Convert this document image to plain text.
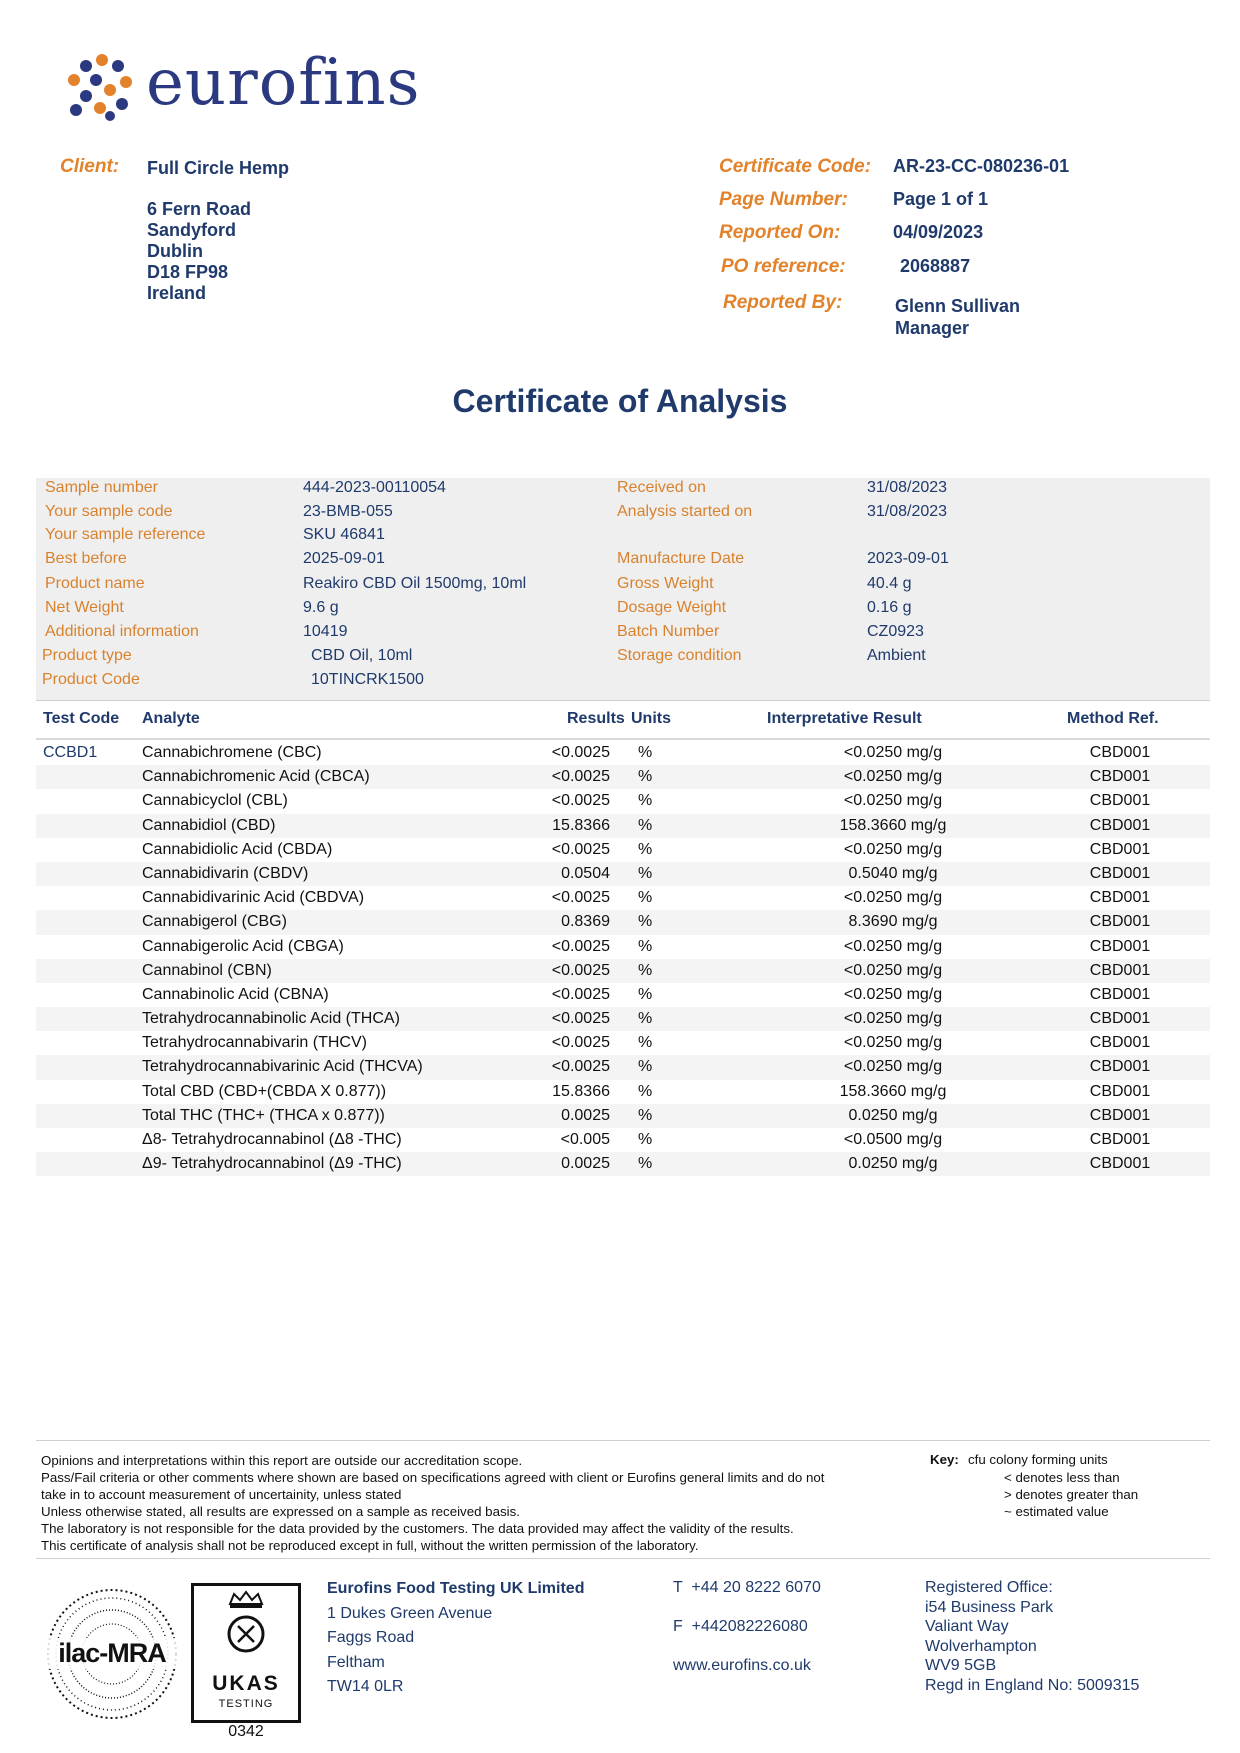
eurofins
Client: Full Circle Hemp
6 Fern Road
Sandyford
Dublin
D18 FP98
Ireland
Certificate Code: AR-23-CC-080236-01
Page Number:	Page 1 of 1
Reported On:	04/09/2023
PO reference:	2068887
Reported By:	Glenn Sullivan
Manager
Certificate of Analysis
Sample number	444-2023-00110054	Received on	31/08/2023
Your sample code	23-BMB-055	Analysis started on	31/08/2023
Your sample reference	SKU 46841
Best before	2025-09-01	Manufacture Date	2023-09-01
Product name	Reakiro CBD Oil 1500mg, 10ml	Gross Weight	40.4 g
Net Weight	9.6 g	Dosage Weight	0.16 g
Additional information	10419	Batch Number	CZ0923
Product type	CBD Oil, 10ml	Storage condition	Ambient
Product Code	10TINCRK1500
Test Code Analyte	Results Units	Interpretative Result	Method Ref.
CCBD1	Cannabichromene (CBC)	<0.0025 %	<0.0250 mg/g	CBD001
Cannabichromenic Acid (CBCA)	<0.0025 %	<0.0250 mg/g	CBD001
Cannabicyclol (CBL)	<0.0025 %	<0.0250 mg/g	CBD001
Cannabidiol (CBD)	15.8366 %	158.3660 mg/g	CBD001
Cannabidiolic Acid (CBDA)	<0.0025 %	<0.0250 mg/g	CBD001
Cannabidivarin (CBDV)	0.0504 %	0.5040 mg/g	CBD001
Cannabidivarinic Acid (CBDVA)	<0.0025 %	<0.0250 mg/g	CBD001
Cannabigerol (CBG)	0.8369 %	8.3690 mg/g	CBD001
Cannabigerolic Acid (CBGA)	<0.0025 %	<0.0250 mg/g	CBD001
Cannabinol (CBN)	<0.0025 %	<0.0250 mg/g	CBD001
Cannabinolic Acid (CBNA)	<0.0025 %	<0.0250 mg/g	CBD001
Tetrahydrocannabinolic Acid (THCA)	<0.0025 %	<0.0250 mg/g	CBD001
Tetrahydrocannabivarin (THCV)	<0.0025 %	<0.0250 mg/g	CBD001
Tetrahydrocannabivarinic Acid (THCVA)	<0.0025 %	<0.0250 mg/g	CBD001
Total CBD (CBD+(CBDA X 0.877))	15.8366 %	158.3660 mg/g	CBD001
Total THC (THC+ (THCA x 0.877))	0.0025 %	0.0250 mg/g	CBD001
Δ8- Tetrahydrocannabinol (Δ8 -THC)	<0.005 %	<0.0500 mg/g	CBD001
Δ9- Tetrahydrocannabinol (Δ9 -THC)	0.0025 %	0.0250 mg/g	CBD001
Opinions and interpretations within this report are outside our accreditation scope.
Pass/Fail criteria or other comments where shown are based on specifications agreed with client or Eurofins general limits and do not
take in to account measurement of uncertainity, unless stated
Unless otherwise stated, all results are expressed on a sample as received basis.
The laboratory is not responsible for the data provided by the customers. The data provided may affect the validity of the results.
This certificate of analysis shall not be reproduced except in full, without the written permission of the laboratory.
Key: cfu colony forming units
< denotes less than
> denotes greater than
~ estimated value
ilac-MRA
UKAS
TESTING
0342
Eurofins Food Testing UK Limited
1 Dukes Green Avenue
Faggs Road
Feltham
TW14 0LR
T  +44 20 8222 6070
F  +442082226080
www.eurofins.co.uk
Registered Office:
i54 Business Park
Valiant Way
Wolverhampton
WV9 5GB
Regd in England No: 5009315
